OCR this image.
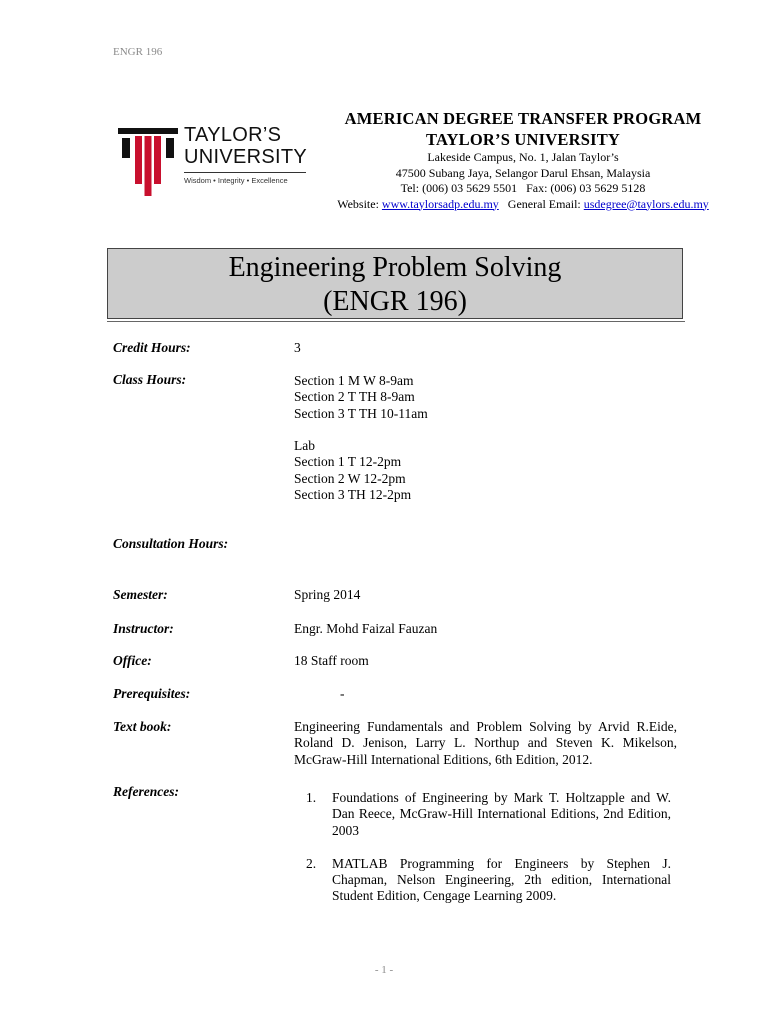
ENGR 196
TAYLOR’S
UNIVERSITY
Wisdom • Integrity • Excellence
AMERICAN DEGREE TRANSFER PROGRAM
TAYLOR’S UNIVERSITY
Lakeside Campus, No. 1, Jalan Taylor’s
47500 Subang Jaya, Selangor Darul Ehsan, Malaysia
Tel: (006) 03 5629 5501   Fax: (006) 03 5629 5128
Website: www.taylorsadp.edu.my General Email: usdegree@taylors.edu.my
Engineering Problem Solving
(ENGR 196)
Credit Hours:	3
Class Hours:	Section 1 M W 8-9am
Section 2 T TH 8-9am
Section 3 T TH 10-11am
Lab
Section 1 T 12-2pm
Section 2 W 12-2pm
Section 3 TH 12-2pm
Consultation Hours:
Semester:	Spring 2014
Instructor:	Engr. Mohd Faizal Fauzan
Office:	18 Staff room
Prerequisites:	-
Text book:	Engineering Fundamentals and Problem Solving by Arvid R.Eide, Roland D. Jenison, Larry L. Northup and Steven K. Mikelson, McGraw-Hill International Editions, 6th Edition, 2012.
References:	1.	Foundations of Engineering by Mark T. Holtzapple and W. Dan Reece, McGraw-Hill International Editions, 2nd Edition, 2003
2.	MATLAB Programming for Engineers by Stephen J. Chapman, Nelson Engineering, 2th edition, International Student Edition, Cengage Learning 2009.
- 1 -
